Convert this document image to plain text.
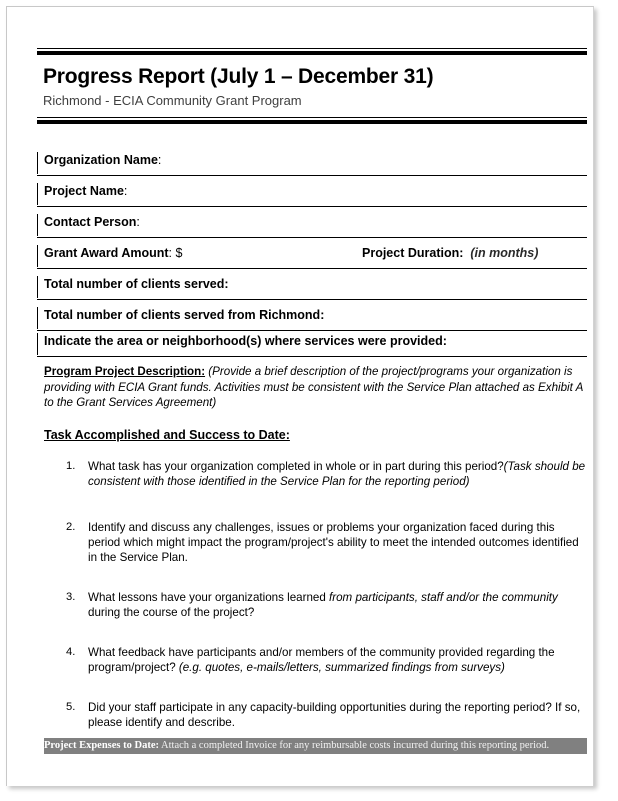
Progress Report (July 1 – December 31)
Richmond - ECIA Community Grant Program
Organization Name:
Project Name:
Contact Person:
Grant Award Amount: $	Project Duration: (in months)
Total number of clients served:
Total number of clients served from Richmond:
Indicate the area or neighborhood(s) where services were provided:
Program Project Description: (Provide a brief description of the project/programs your organization is providing with ECIA Grant funds. Activities must be consistent with the Service Plan attached as Exhibit A to the Grant Services Agreement)
Task Accomplished and Success to Date:
1.	What task has your organization completed in whole or in part during this period?(Task should be consistent with those identified in the Service Plan for the reporting period)
2.	Identify and discuss any challenges, issues or problems your organization faced during this period which might impact the program/project's ability to meet the intended outcomes identified in the Service Plan.
3.	What lessons have your organizations learned from participants, staff and/or the community during the course of the project?
4.	What feedback have participants and/or members of the community provided regarding the program/project? (e.g. quotes, e-mails/letters, summarized findings from surveys)
5.	Did your staff participate in any capacity-building opportunities during the reporting period? If so, please identify and describe.
Project Expenses to Date: Attach a completed Invoice for any reimbursable costs incurred during this reporting period.
